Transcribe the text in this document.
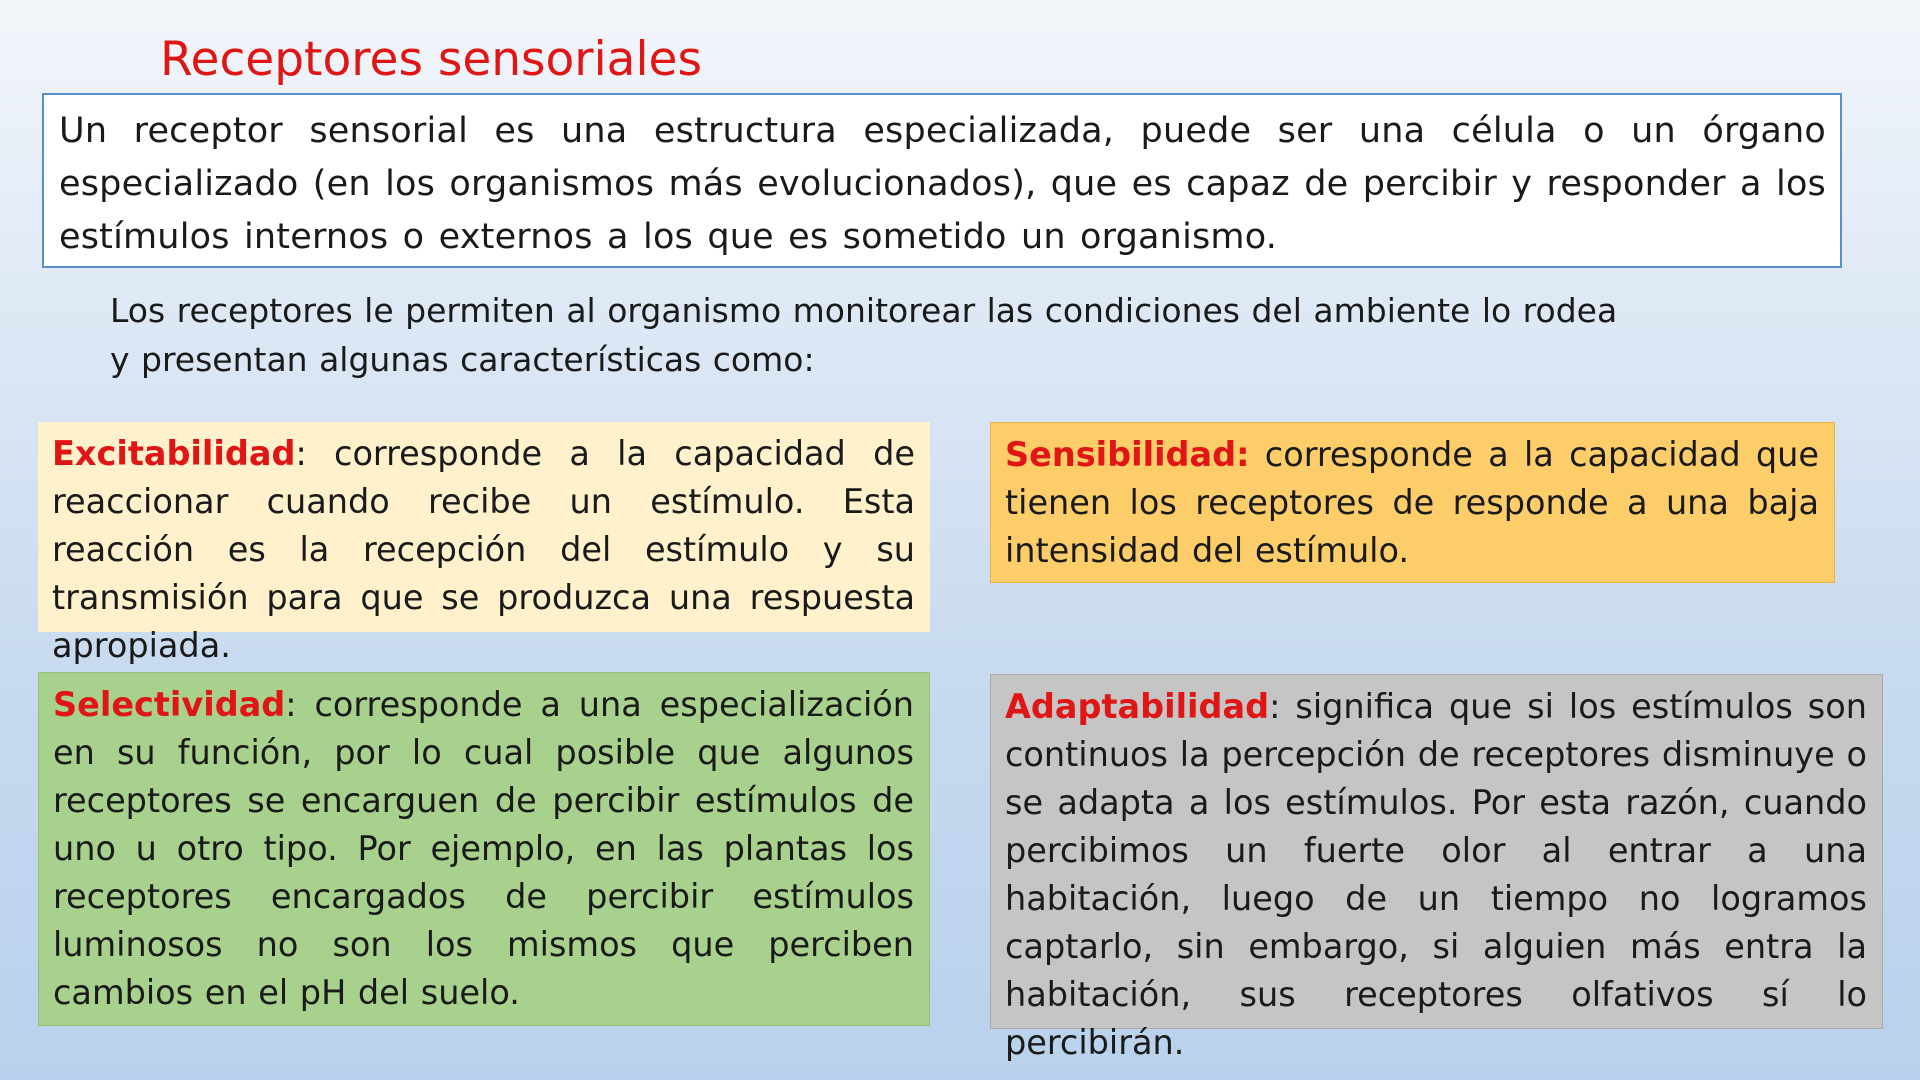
Receptores sensoriales
Un receptor sensorial es una estructura especializada, puede ser una célula o un órgano especializado (en los organismos más evolucionados), que es capaz de percibir y responder a los estímulos internos o externos a los que es sometido un organismo.

Los receptores le permiten al organismo monitorear las condiciones del ambiente lo rodea
y presentan algunas características como:

Excitabilidad: corresponde a la capacidad de reaccionar cuando recibe un estímulo. Esta reacción es la recepción del estímulo y su transmisión para que se produzca una respuesta apropiada.
Sensibilidad: corresponde a la capacidad que tienen los receptores de responde a una baja intensidad del estímulo.
Selectividad: corresponde a una especialización en su función, por lo cual posible que algunos receptores se encarguen de percibir estímulos de uno u otro tipo. Por ejemplo, en las plantas los receptores encargados de percibir estímulos luminosos no son los mismos que perciben cambios en el pH del suelo.
Adaptabilidad: significa que si los estímulos son continuos la percepción de receptores disminuye o se adapta a los estímulos. Por esta razón, cuando percibimos un fuerte olor al entrar a una habitación, luego de un tiempo no logramos captarlo, sin embargo, si alguien más entra la habitación, sus receptores olfativos sí lo percibirán.
